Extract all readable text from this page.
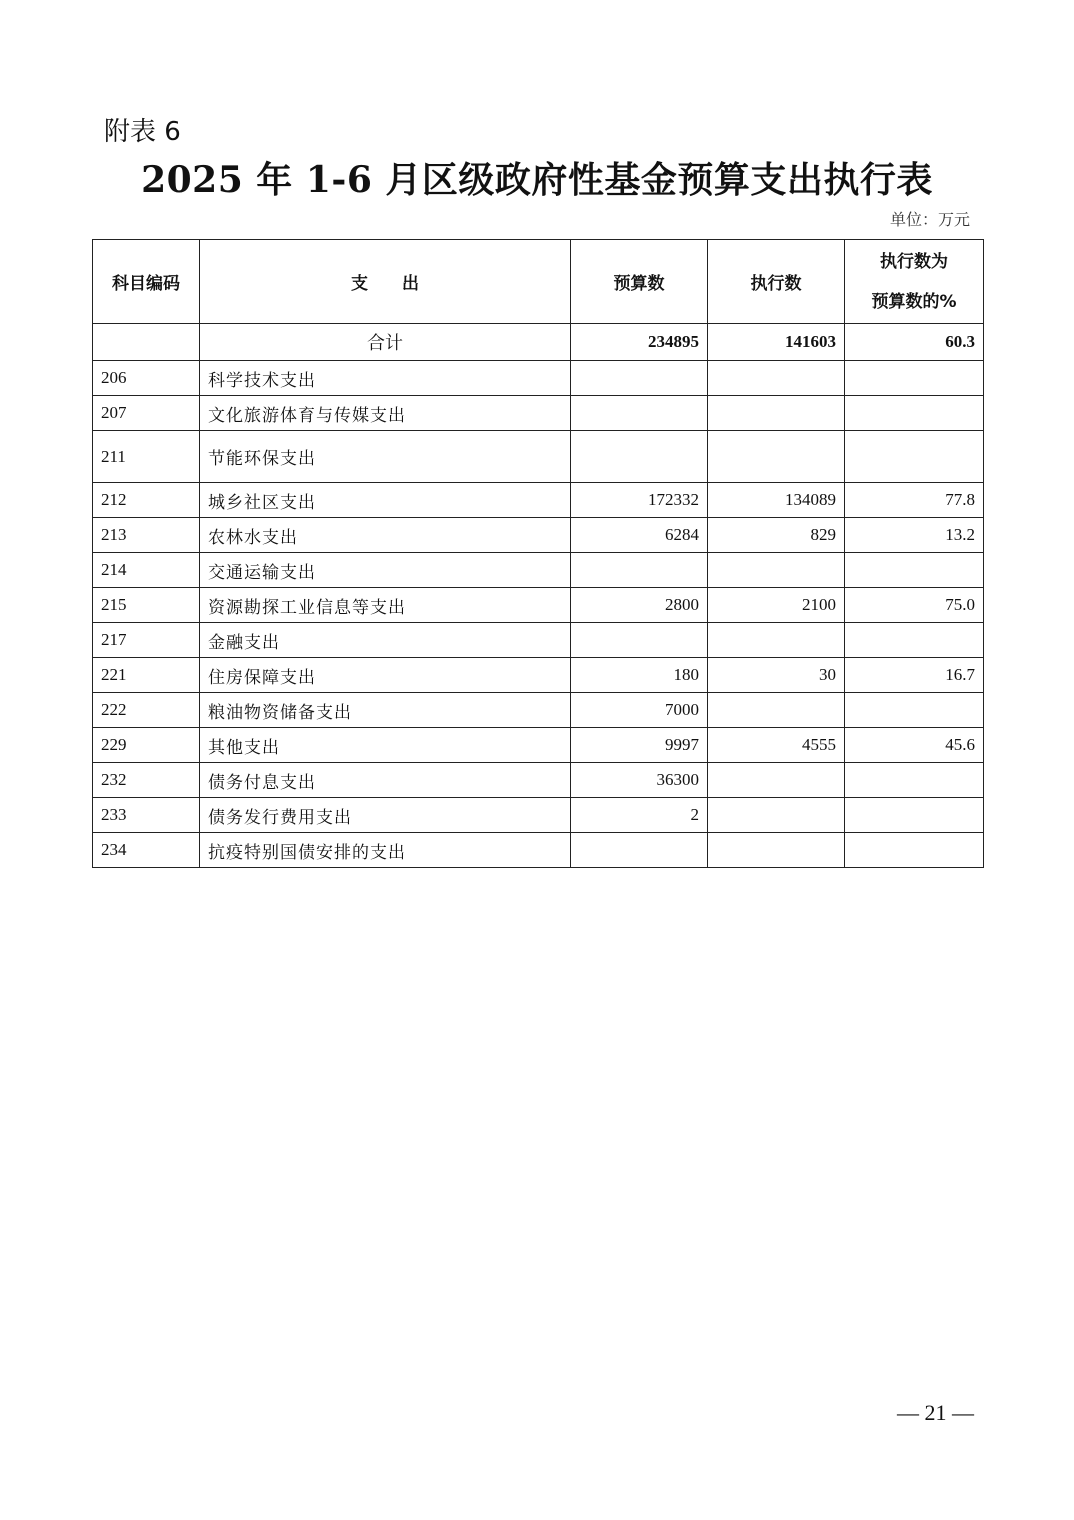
附表 6
2025 年 1-6 月区级政府性基金预算支出执行表
单位：万元
科目编码	支　　出	预算数	执行数	执行数为
预算数的%

	合计	234895	141603	60.3
206	科学技术支出			
207	文化旅游体育与传媒支出			
211	节能环保支出			
212	城乡社区支出	172332	134089	77.8
213	农林水支出	6284	829	13.2
214	交通运输支出			
215	资源勘探工业信息等支出	2800	2100	75.0
217	金融支出			
221	住房保障支出	180	30	16.7
222	粮油物资储备支出	7000		
229	其他支出	9997	4555	45.6
232	债务付息支出	36300		
233	债务发行费用支出	2		
234	抗疫特别国债安排的支出			
— 21 —
